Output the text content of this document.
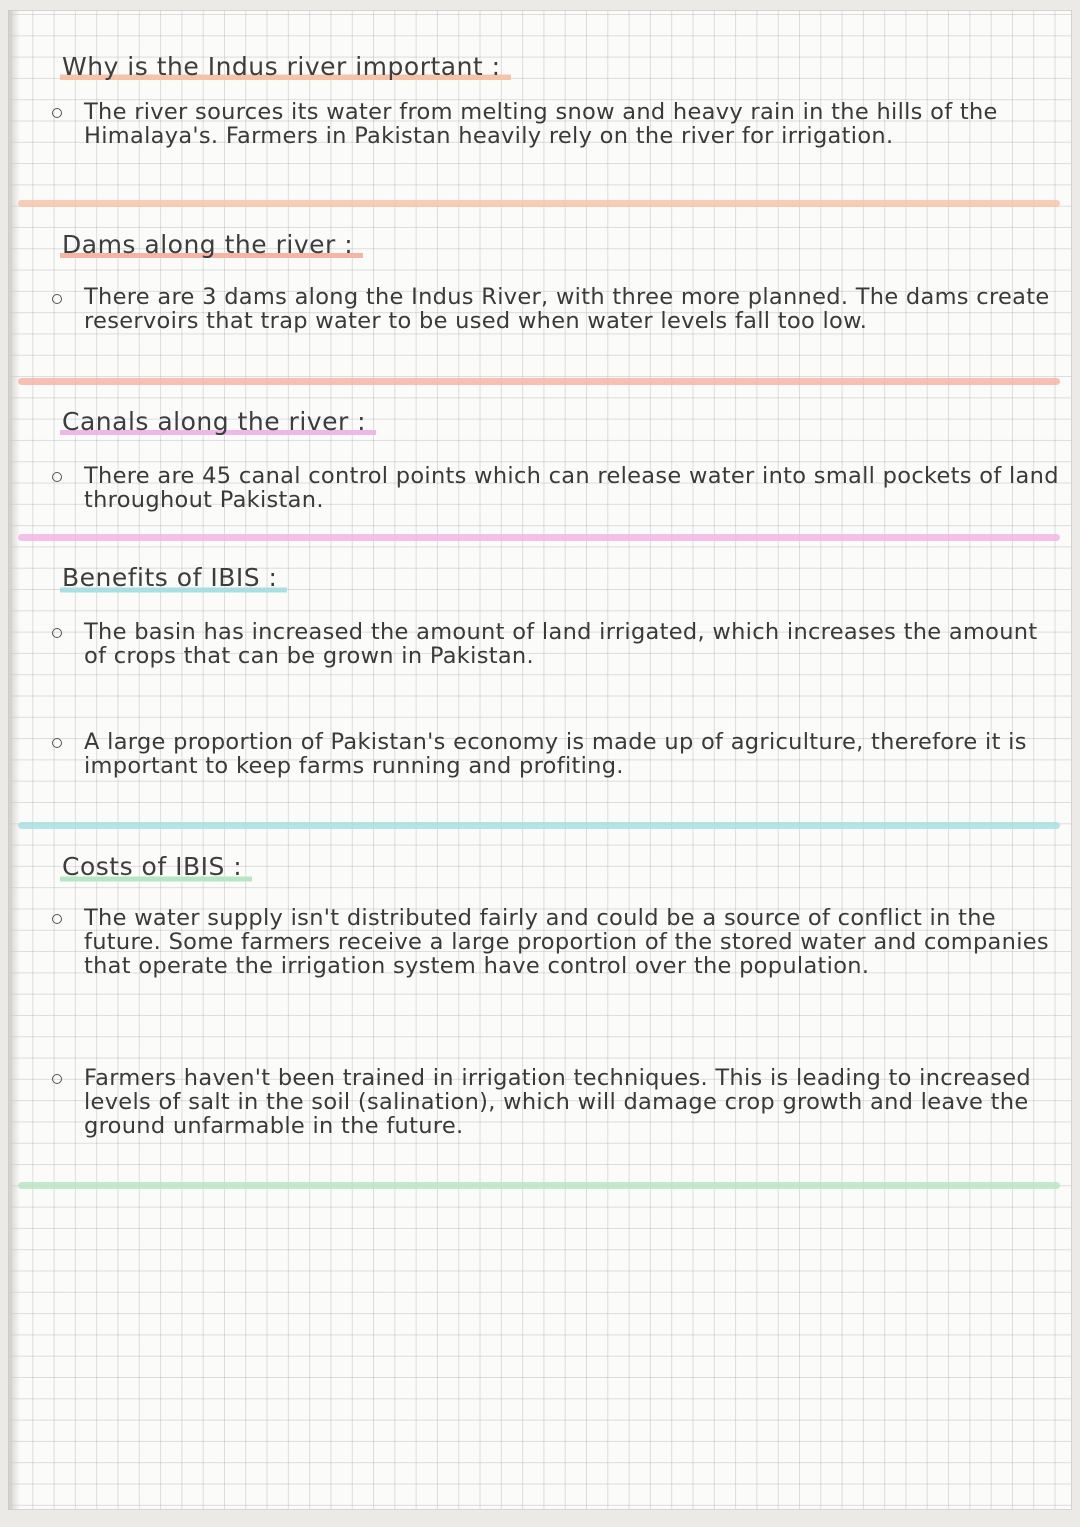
Why is the Indus river important :

The river sources its water from melting snow and heavy rain in the hills of the Himalaya's. Farmers in Pakistan heavily rely on the river for irrigation.

Dams along the river :

There are 3 dams along the Indus River, with three more planned. The dams create reservoirs that trap water to be used when water levels fall too low.

Canals along the river :

There are 45 canal control points which can release water into small pockets of land throughout Pakistan.

Benefits of IBIS :

The basin has increased the amount of land irrigated, which increases the amount of crops that can be grown in Pakistan.

A large proportion of Pakistan's economy is made up of agriculture, therefore it is important to keep farms running and profiting.

Costs of IBIS :

The water supply isn't distributed fairly and could be a source of conflict in the future. Some farmers receive a large proportion of the stored water and companies that operate the irrigation system have control over the population.

Farmers haven't been trained in irrigation techniques. This is leading to increased levels of salt in the soil (salination), which will damage crop growth and leave the ground unfarmable in the future.
